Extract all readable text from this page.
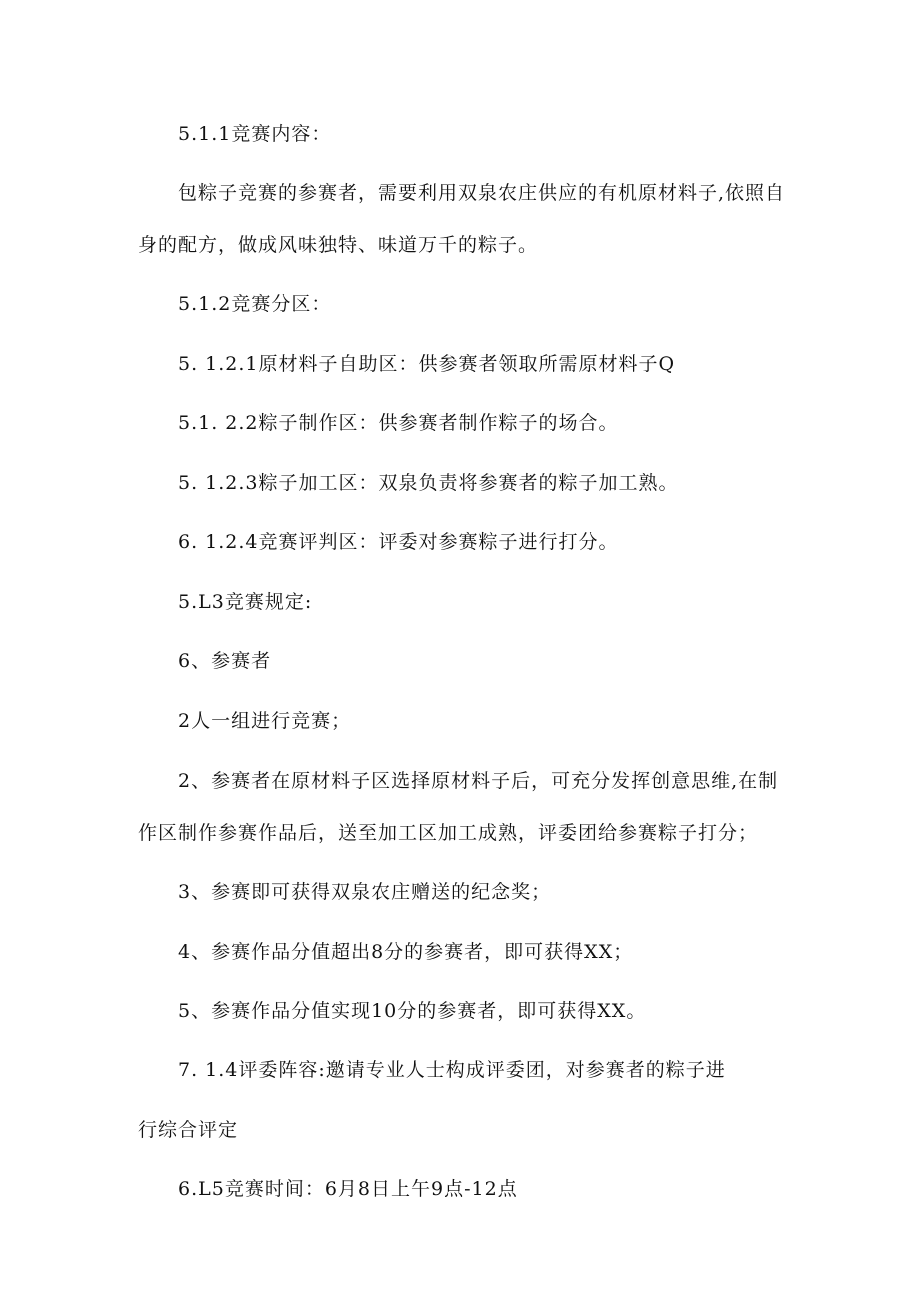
5.1.1竞赛内容：
包粽子竞赛的参赛者，需要利用双泉农庄供应的有机原材料子,依照自
身的配方，做成风味独特、味道万千的粽子。
5.1.2竞赛分区：
5. 1.2.1原材料子自助区：供参赛者领取所需原材料子Q
5.1. 2.2粽子制作区：供参赛者制作粽子的场合。
5. 1.2.3粽子加工区：双泉负责将参赛者的粽子加工熟。
6. 1.2.4竞赛评判区：评委对参赛粽子进行打分。
5.L3竞赛规定:
6、参赛者
2人一组进行竞赛；
2、参赛者在原材料子区选择原材料子后，可充分发挥创意思维,在制
作区制作参赛作品后，送至加工区加工成熟，评委团给参赛粽子打分；
3、参赛即可获得双泉农庄赠送的纪念奖；
4、参赛作品分值超出8分的参赛者，即可获得XX；
5、参赛作品分值实现10分的参赛者，即可获得XX。
7. 1.4评委阵容:邀请专业人士构成评委团，对参赛者的粽子进
行综合评定
6.L5竞赛时间：6月8日上午9点-12点
